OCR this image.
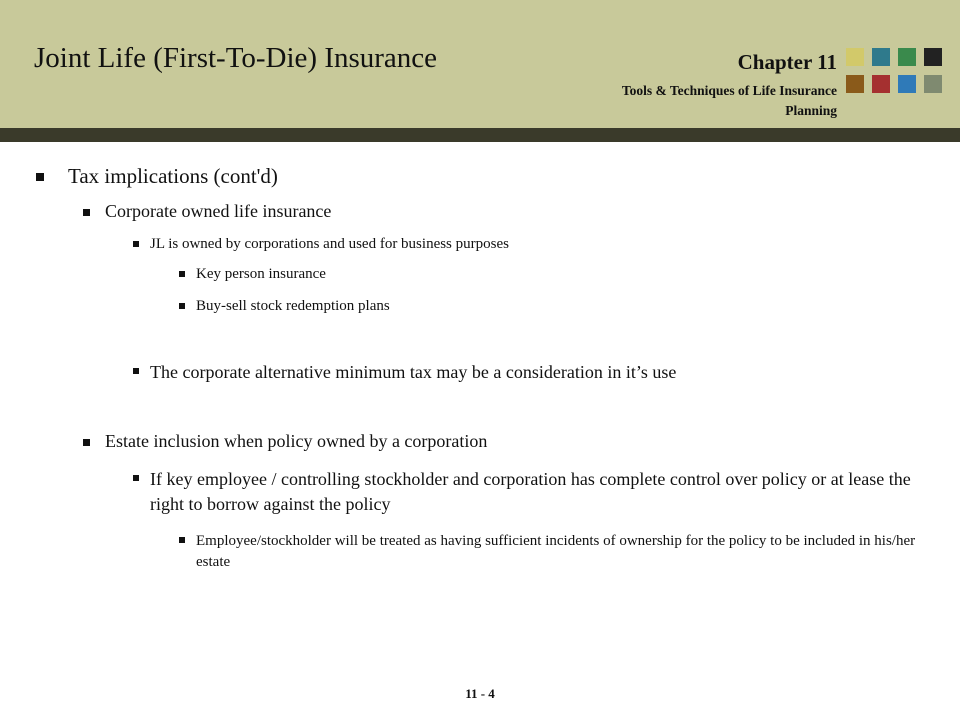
Joint Life (First-To-Die) Insurance	Chapter 11
Tools & Techniques of Life Insurance Planning
Tax implications (cont'd)
Corporate owned life insurance
JL is owned by corporations and used for business purposes
Key person insurance
Buy-sell stock redemption plans
The corporate alternative minimum tax may be a consideration in it’s use
Estate inclusion when policy owned by a corporation
If key employee / controlling stockholder and corporation has complete control over policy or at lease the right to borrow against the policy
Employee/stockholder will be treated as having sufficient incidents of ownership for the policy to be included in his/her estate
11 - 4
